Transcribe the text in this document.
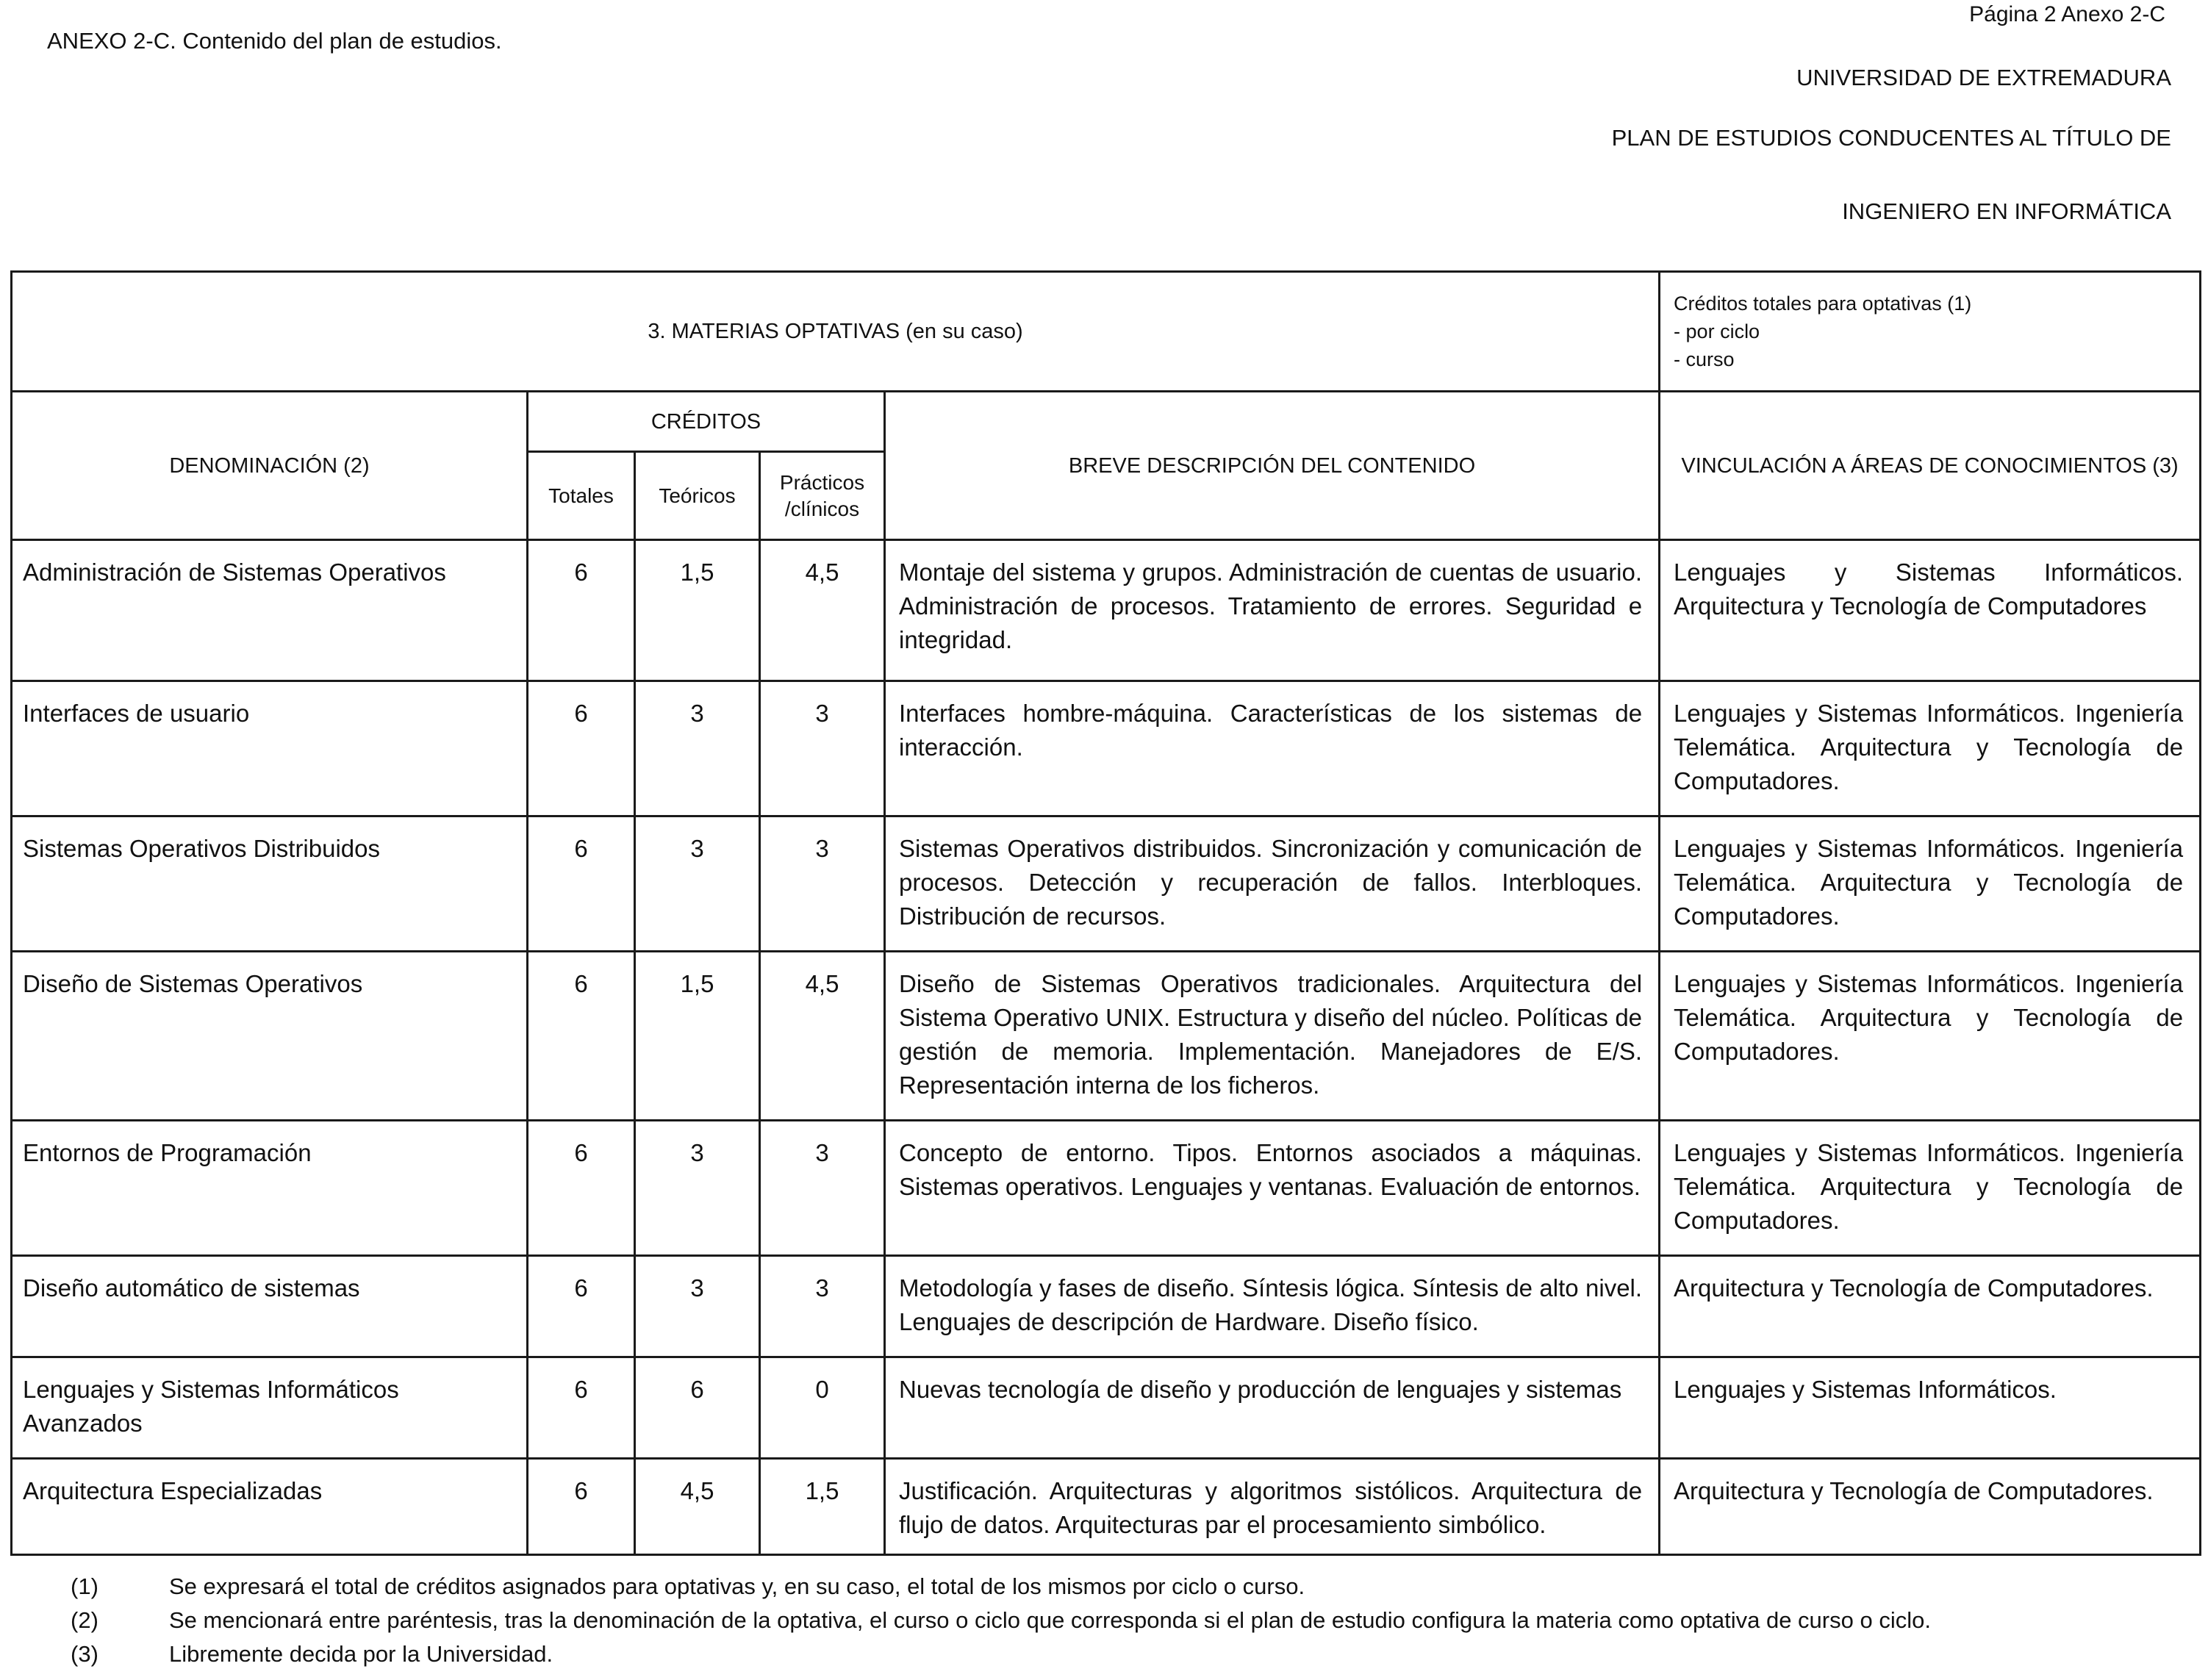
ANEXO 2-C. Contenido del plan de estudios.
Página 2 Anexo 2-C
UNIVERSIDAD DE EXTREMADURA
PLAN DE ESTUDIOS CONDUCENTES AL TÍTULO DE
INGENIERO EN INFORMÁTICA
3. MATERIAS OPTATIVAS (en su caso)					Créditos totales para optativas (1)
- por ciclo
- curso

DENOMINACIÓN (2)	CRÉDITOS			BREVE DESCRIPCIÓN DEL CONTENIDO	VINCULACIÓN A ÁREAS DE CONOCIMIENTOS (3)
	Totales	Teóricos	Prácticos
/clínicos		

Administración de Sistemas Operativos	6	1,5	4,5	Montaje del sistema y grupos. Administración de cuentas de usuario. Administración de procesos. Tratamiento de errores. Seguridad e integridad.	Lenguajes y Sistemas Informáticos. Arquitectura y Tecnología de Computadores
Interfaces de usuario	6	3	3	Interfaces hombre-máquina. Características de los sistemas de interacción.	Lenguajes y Sistemas Informáticos. Ingeniería Telemática. Arquitectura y Tecnología de Computadores.
Sistemas Operativos Distribuidos	6	3	3	Sistemas Operativos distribuidos. Sincronización y comunicación de procesos. Detección y recuperación de fallos. Interbloques. Distribución de recursos.	Lenguajes y Sistemas Informáticos. Ingeniería Telemática. Arquitectura y Tecnología de Computadores.
Diseño de Sistemas Operativos	6	1,5	4,5	Diseño de Sistemas Operativos tradicionales. Arquitectura del Sistema Operativo UNIX. Estructura y diseño del núcleo. Políticas de gestión de memoria. Implementación. Manejadores de E/S. Representación interna de los ficheros.	Lenguajes y Sistemas Informáticos. Ingeniería Telemática. Arquitectura y Tecnología de Computadores.
Entornos de Programación	6	3	3	Concepto de entorno. Tipos. Entornos asociados a máquinas. Sistemas operativos. Lenguajes y ventanas. Evaluación de entornos.	Lenguajes y Sistemas Informáticos. Ingeniería Telemática. Arquitectura y Tecnología de Computadores.
Diseño automático de sistemas	6	3	3	Metodología y fases de diseño. Síntesis lógica. Síntesis de alto nivel. Lenguajes de descripción de Hardware. Diseño físico.	Arquitectura y Tecnología de Computadores.
Lenguajes y Sistemas Informáticos Avanzados	6	6	0	Nuevas tecnología de diseño y producción de lenguajes y sistemas	Lenguajes y Sistemas Informáticos.
Arquitectura Especializadas	6	4,5	1,5	Justificación. Arquitecturas y algoritmos sistólicos. Arquitectura de flujo de datos. Arquitecturas par el procesamiento simbólico.	Arquitectura y Tecnología de Computadores.
(1)	Se expresará el total de créditos asignados para optativas y, en su caso, el total de los mismos por ciclo o curso.
(2)	Se mencionará entre paréntesis, tras la denominación de la optativa, el curso o ciclo que corresponda si el plan de estudio configura la materia como optativa de curso o ciclo.
(3)	Libremente decida por la Universidad.
